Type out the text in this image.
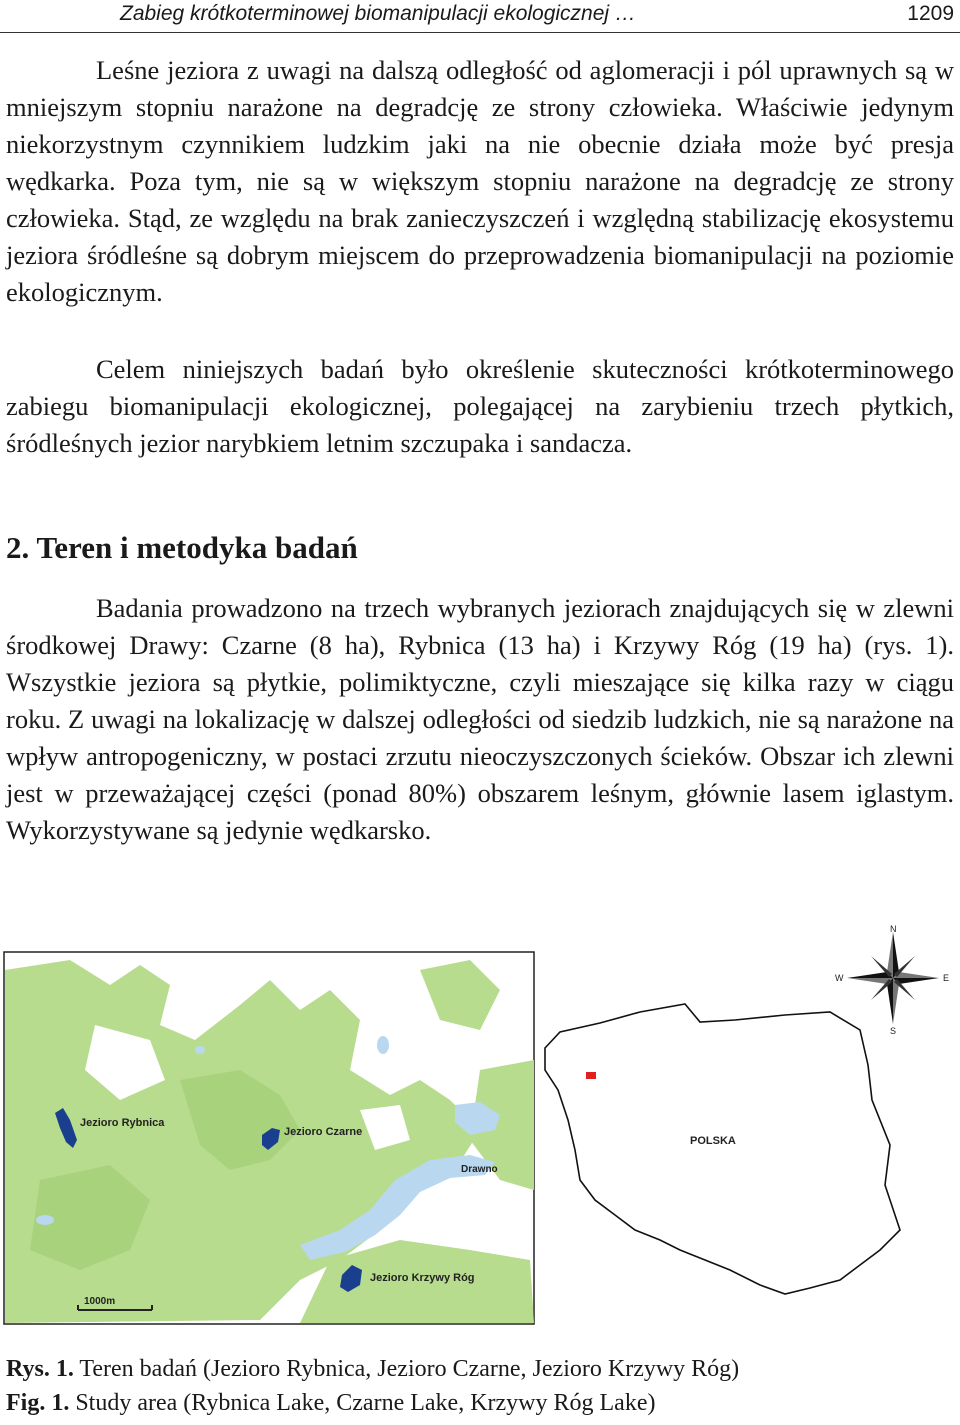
Zabieg krótkoterminowej biomanipulacji ekologicznej …	1209

Leśne jeziora z uwagi na dalszą odległość od aglomeracji i pól uprawnych są w mniejszym stopniu narażone na degradcję ze strony człowieka. Właściwie jedynym niekorzystnym czynnikiem ludzkim jaki na nie obecnie działa może być presja wędkarka. Poza tym, nie są w większym stopniu narażone na degradcję ze strony człowieka. Stąd, ze względu na brak zanieczyszczeń i względną stabilizację ekosystemu jeziora śródleśne są dobrym miejscem do przeprowadzenia biomanipulacji na poziomie ekologicznym.

Celem niniejszych badań było określenie skuteczności krótkoterminowego zabiegu biomanipulacji ekologicznej, polegającej na zarybieniu trzech płytkich, śródleśnych jezior narybkiem letnim szczupaka i sandacza.

2. Teren i metodyka badań

Badania prowadzono na trzech wybranych jeziorach znajdujących się w zlewni środkowej Drawy: Czarne (8 ha), Rybnica (13 ha) i Krzywy Róg (19 ha) (rys. 1). Wszystkie jeziora są płytkie, polimiktyczne, czyli mieszające się kilka razy w ciągu roku. Z uwagi na lokalizację w dalszej odległości od siedzib ludzkich, nie są narażone na wpływ antropogeniczny, w postaci zrzutu nieoczyszczonych ścieków. Obszar ich zlewni jest w przeważającej części (ponad 80%) obszarem leśnym, głównie lasem iglastym. Wykorzystywane są jedynie wędkarsko.

Jezioro Rybnica
Jezioro Czarne
Drawno
Jezioro Krzywy Róg
1000m
POLSKA
N
E
S
W
Rys. 1. Teren badań (Jezioro Rybnica, Jezioro Czarne, Jezioro Krzywy Róg)
Fig. 1. Study area (Rybnica Lake, Czarne Lake, Krzywy Róg Lake)
